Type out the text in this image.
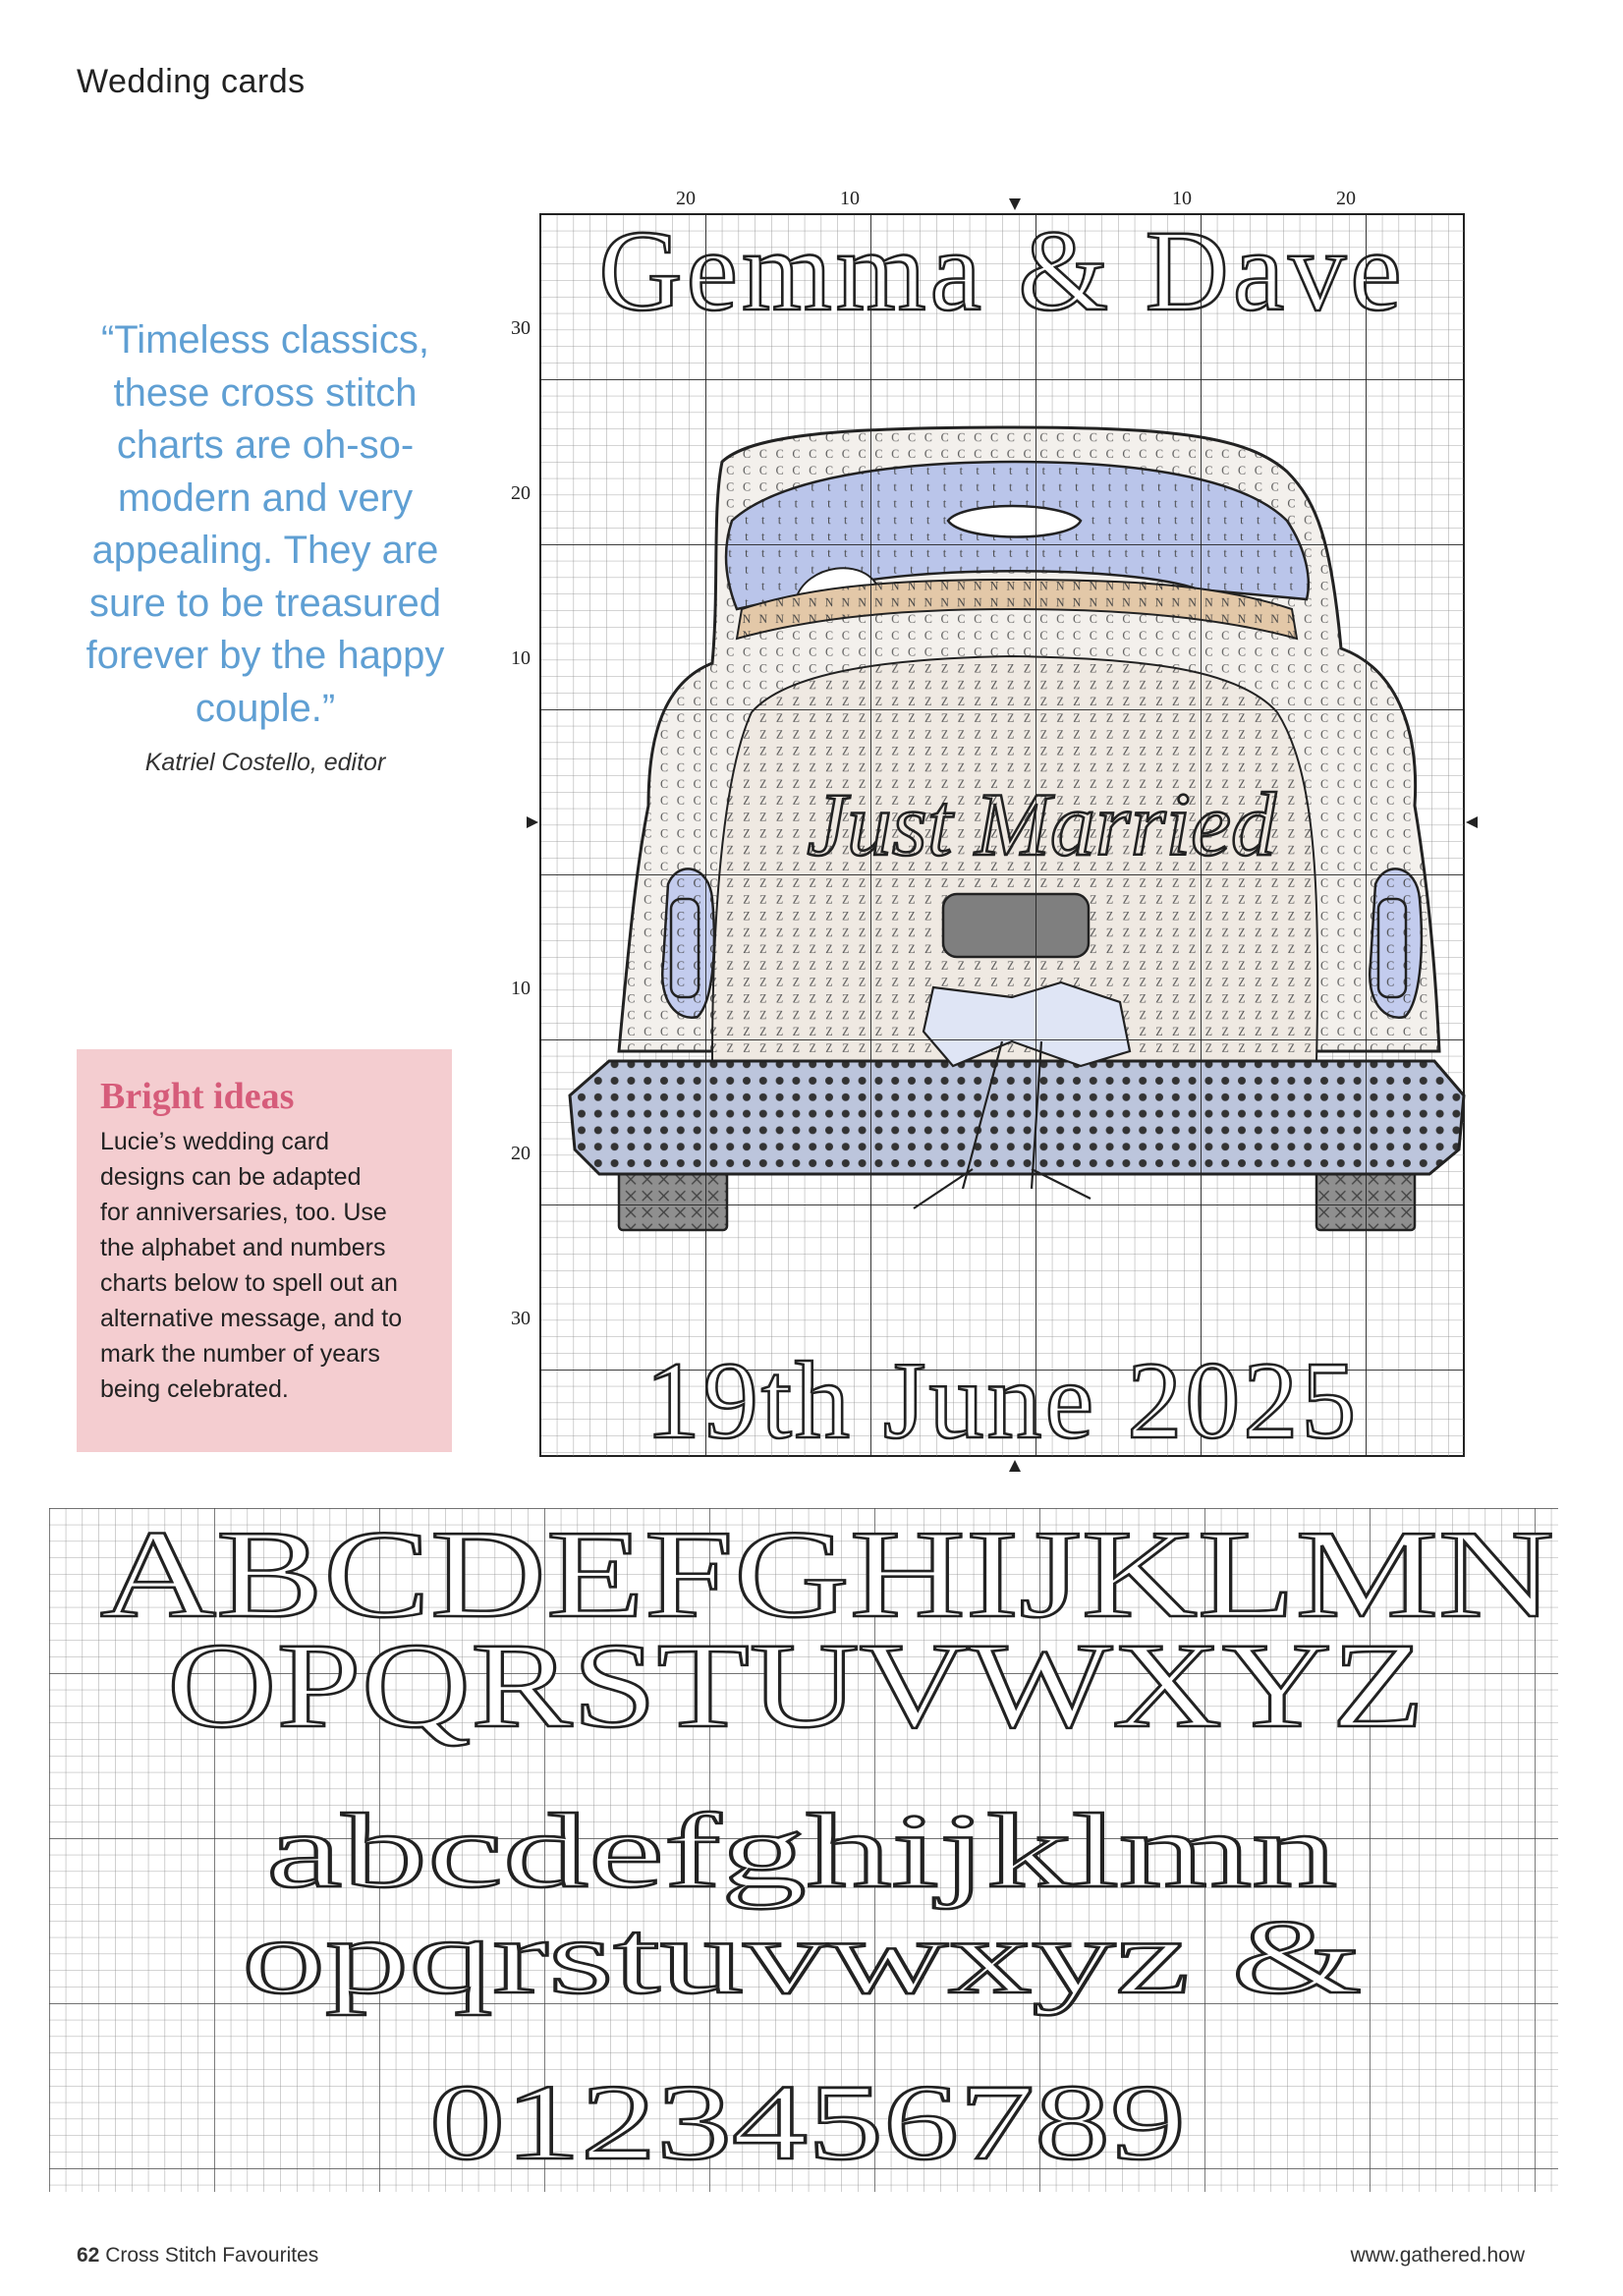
Wedding cards
“Timeless classics,
these cross stitch
charts are oh-so-
modern and very
appealing. They are
sure to be treasured
forever by the happy
couple.”
Katriel Costello, editor
Bright ideas
Lucie’s wedding card
designs can be adapted
for anniversaries, too. Use
the alphabet and numbers
charts below to spell out an
alternative message, and to
mark the number of years
being celebrated.
20	10	10	20
30
20
10
10
20
30
19th June 2025
ABCDEFGHIJKLMN
OPQRSTUVWXYZ
abcdefghijklmn
opqrstuvwxyz &
0123456789
62 Cross Stitch Favourites	www.gathered.how
